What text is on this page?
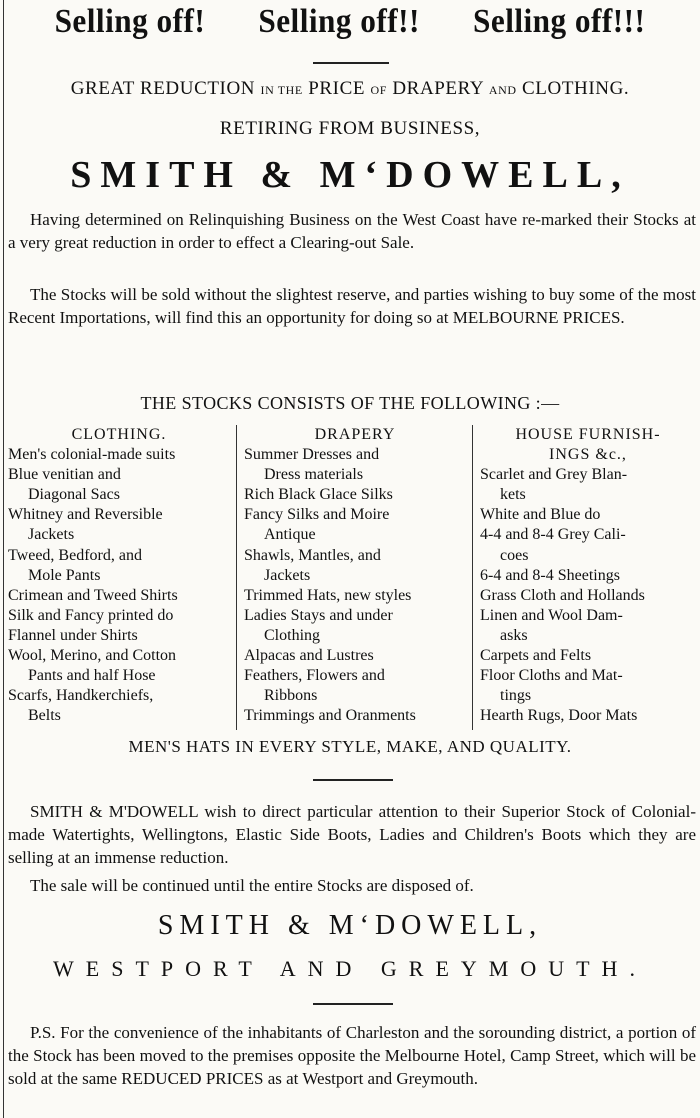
Selling off! Selling off!! Selling off!!!
GREAT REDUCTION IN THE PRICE OF DRAPERY AND CLOTHING.
RETIRING FROM BUSINESS,
SMITH & M‘DOWELL,
Having determined on Relinquishing Business on the West Coast have re-marked their Stocks at a very great reduction in order to effect a Clearing-out Sale.
The Stocks will be sold without the slightest reserve, and parties wishing to buy some of the most Recent Importations, will find this an opportunity for doing so at MELBOURNE PRICES.
THE STOCKS CONSISTS OF THE FOLLOWING :—
CLOTHING.
Men's colonial-made suits
Blue venitian and
Diagonal Sacs
Whitney and Reversible
Jackets
Tweed, Bedford, and
Mole Pants
Crimean and Tweed Shirts
Silk and Fancy printed do
Flannel under Shirts
Wool, Merino, and Cotton
Pants and half Hose
Scarfs, Handkerchiefs,
Belts
DRAPERY
Summer Dresses and
Dress materials
Rich Black Glace Silks
Fancy Silks and Moire
Antique
Shawls, Mantles, and
Jackets
Trimmed Hats, new styles
Ladies Stays and under
Clothing
Alpacas and Lustres
Feathers, Flowers and
Ribbons
Trimmings and Oranments
HOUSE FURNISH-
INGS &c.,
Scarlet and Grey Blan-
kets
White and Blue do
4-4 and 8-4 Grey Cali-
coes
6-4 and 8-4 Sheetings
Grass Cloth and Hollands
Linen and Wool Dam-
asks
Carpets and Felts
Floor Cloths and Mat-
tings
Hearth Rugs, Door Mats
MEN'S HATS IN EVERY STYLE, MAKE, AND QUALITY.
SMITH & M'DOWELL wish to direct particular attention to their Superior Stock of Colonial-made Watertights, Wellingtons, Elastic Side Boots, Ladies and Children's Boots which they are selling at an immense reduction.
The sale will be continued until the entire Stocks are disposed of.
SMITH & M‘DOWELL,
WESTPORT AND GREYMOUTH.
P.S. For the convenience of the inhabitants of Charleston and the sorounding district, a portion of the Stock has been moved to the premises opposite the Melbourne Hotel, Camp Street, which will be sold at the same REDUCED PRICES as at Westport and Greymouth.
